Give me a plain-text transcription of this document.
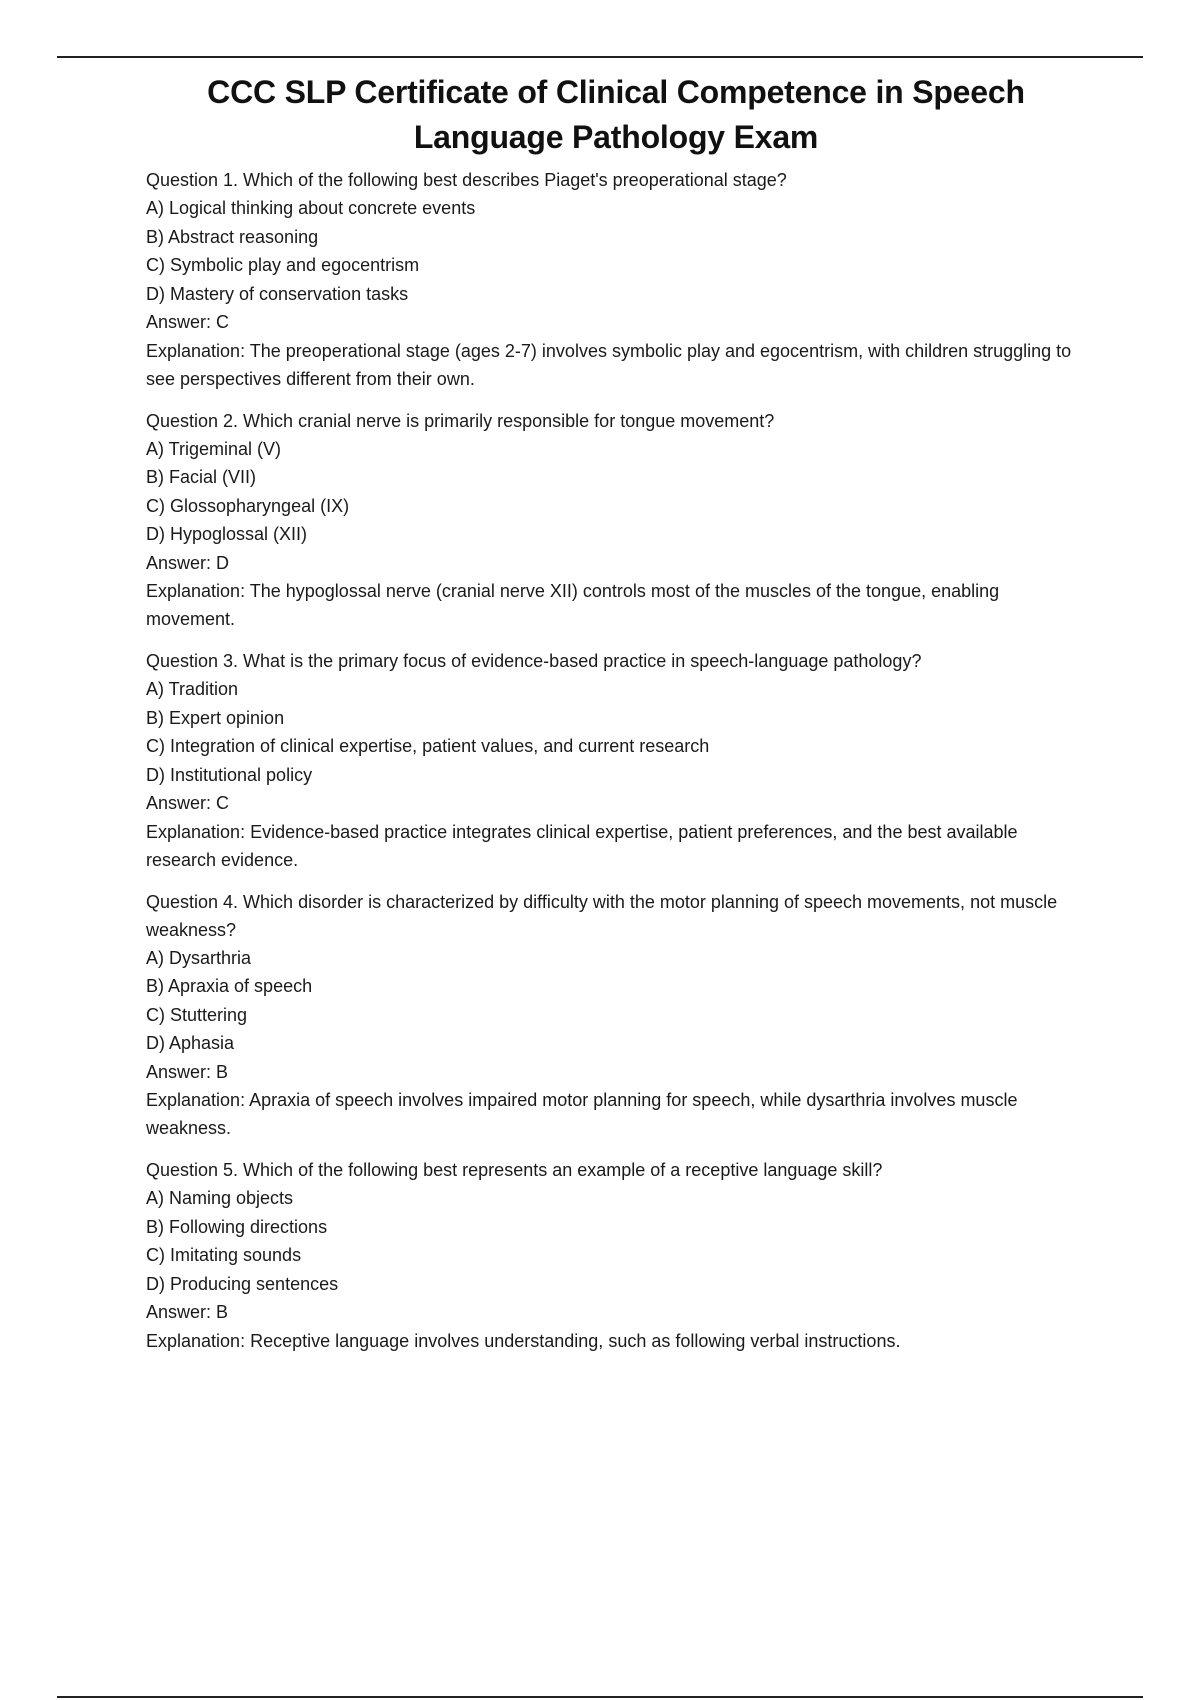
CCC SLP Certificate of Clinical Competence in Speech Language Pathology Exam

Question 1. Which of the following best describes Piaget's preoperational stage?

A) Logical thinking about concrete events

B) Abstract reasoning

C) Symbolic play and egocentrism

D) Mastery of conservation tasks

Answer: C

Explanation: The preoperational stage (ages 2-7) involves symbolic play and egocentrism, with children struggling to see perspectives different from their own.

Question 2. Which cranial nerve is primarily responsible for tongue movement?

A) Trigeminal (V)

B) Facial (VII)

C) Glossopharyngeal (IX)

D) Hypoglossal (XII)

Answer: D

Explanation: The hypoglossal nerve (cranial nerve XII) controls most of the muscles of the tongue, enabling movement.

Question 3. What is the primary focus of evidence-based practice in speech-language pathology?

A) Tradition

B) Expert opinion

C) Integration of clinical expertise, patient values, and current research

D) Institutional policy

Answer: C

Explanation: Evidence-based practice integrates clinical expertise, patient preferences, and the best available research evidence.

Question 4. Which disorder is characterized by difficulty with the motor planning of speech movements, not muscle weakness?

A) Dysarthria

B) Apraxia of speech

C) Stuttering

D) Aphasia

Answer: B

Explanation: Apraxia of speech involves impaired motor planning for speech, while dysarthria involves muscle weakness.

Question 5. Which of the following best represents an example of a receptive language skill?

A) Naming objects

B) Following directions

C) Imitating sounds

D) Producing sentences

Answer: B

Explanation: Receptive language involves understanding, such as following verbal instructions.
